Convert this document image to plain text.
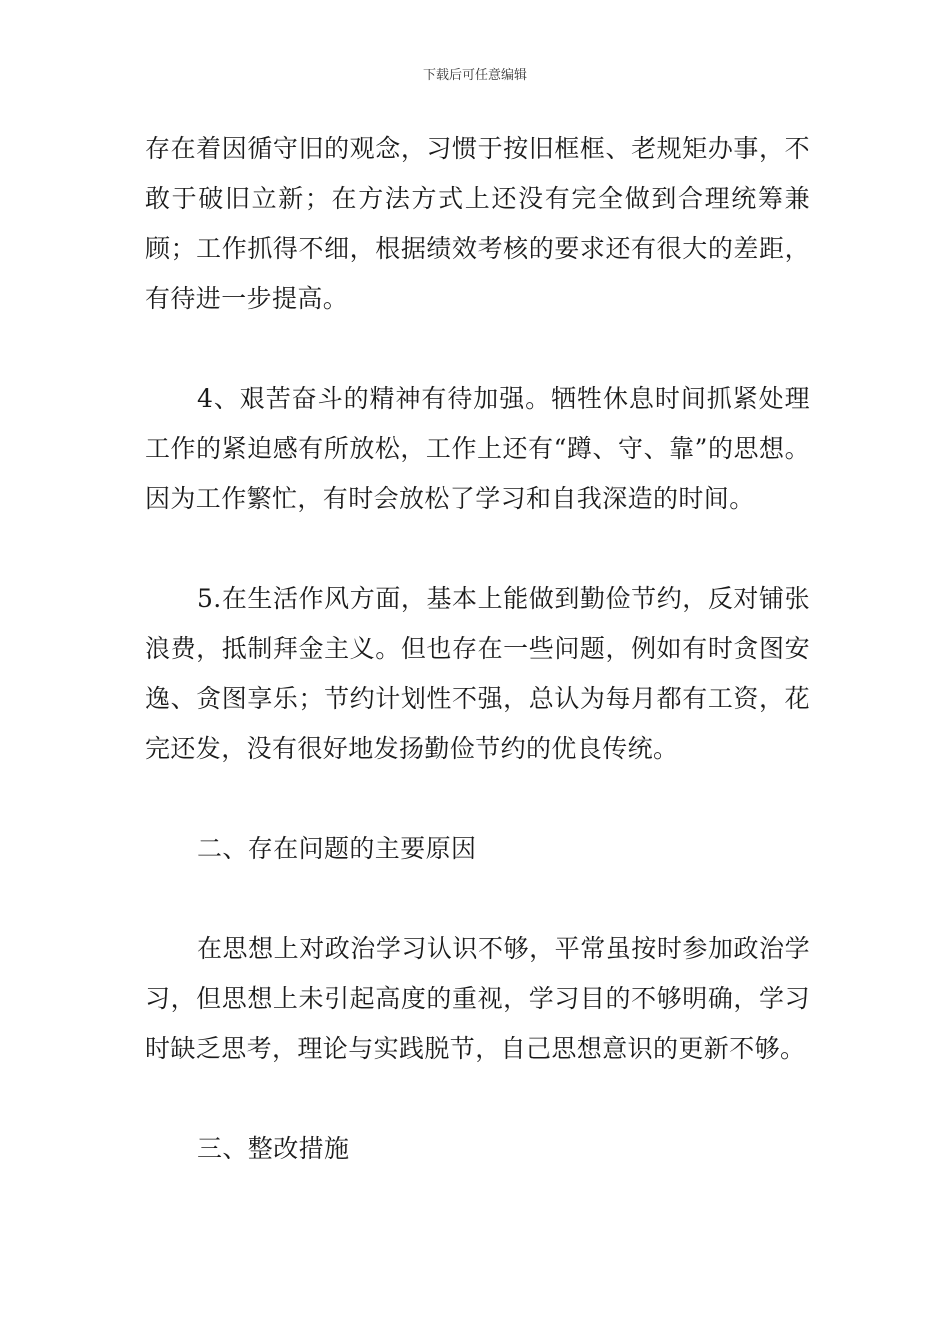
下载后可任意编辑

存在着因循守旧的观念，习惯于按旧框框、老规矩办事，不敢于破旧立新；在方法方式上还没有完全做到合理统筹兼顾；工作抓得不细，根据绩效考核的要求还有很大的差距，有待进一步提高。

4、艰苦奋斗的精神有待加强。牺牲休息时间抓紧处理工作的紧迫感有所放松，工作上还有“蹲、守、靠”的思想。因为工作繁忙，有时会放松了学习和自我深造的时间。

5.在生活作风方面，基本上能做到勤俭节约，反对铺张浪费，抵制拜金主义。但也存在一些问题，例如有时贪图安逸、贪图享乐；节约计划性不强，总认为每月都有工资，花完还发，没有很好地发扬勤俭节约的优良传统。

二、存在问题的主要原因

在思想上对政治学习认识不够，平常虽按时参加政治学习，但思想上未引起高度的重视，学习目的不够明确，学习时缺乏思考，理论与实践脱节，自己思想意识的更新不够。

三、整改措施
